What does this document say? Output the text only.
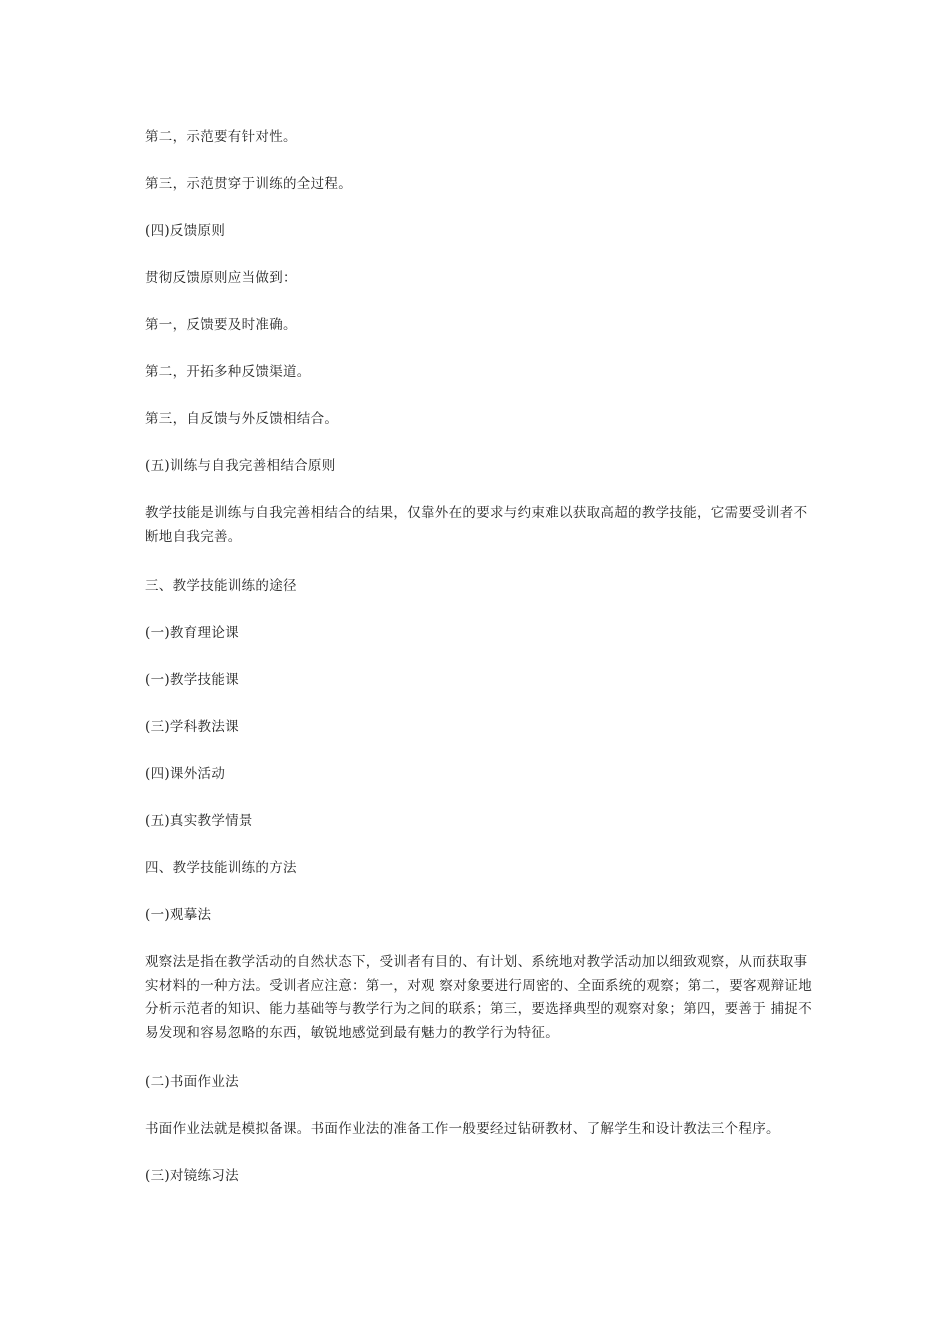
第二，示范要有针对性。

第三，示范贯穿于训练的全过程。

(四)反馈原则

贯彻反馈原则应当做到：

第一，反馈要及时准确。

第二，开拓多种反馈渠道。

第三，自反馈与外反馈相结合。

(五)训练与自我完善相结合原则

教学技能是训练与自我完善相结合的结果，仅靠外在的要求与约束难以获取高超的教学技能，它需要受训者不断地自我完善。

三、教学技能训练的途径

(一)教育理论课

(一)教学技能课

(三)学科教法课

(四)课外活动

(五)真实教学情景

四、教学技能训练的方法

(一)观摹法

观察法是指在教学活动的自然状态下，受训者有目的、有计划、系统地对教学活动加以细致观察，从而获取事实材料的一种方法。受训者应注意：第一，对观 察对象要进行周密的、全面系统的观察；第二，要客观辩证地分析示范者的知识、能力基础等与教学行为之间的联系；第三，要选择典型的观察对象；第四，要善于 捕捉不易发现和容易忽略的东西，敏锐地感觉到最有魅力的教学行为特征。

(二)书面作业法

书面作业法就是模拟备课。书面作业法的准备工作一般要经过钻研教材、了解学生和设计教法三个程序。

(三)对镜练习法
